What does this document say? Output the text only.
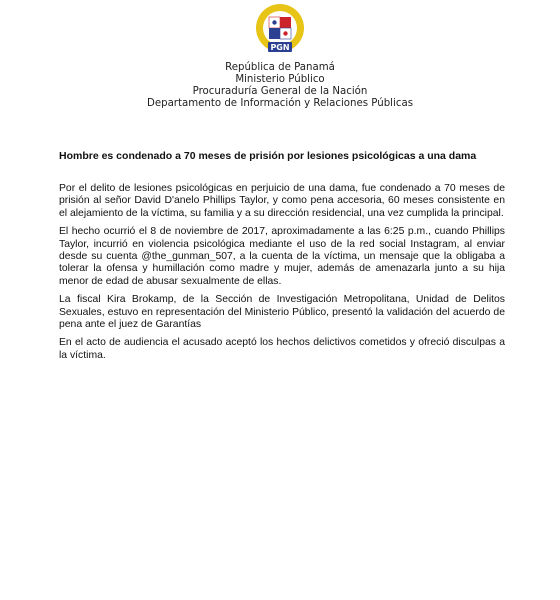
PGN
República de Panamá
Ministerio Público
Procuraduría General de la Nación
Departamento de Información y Relaciones Públicas
Hombre es condenado a 70 meses de prisión por lesiones psicológicas a una dama

Por el delito de lesiones psicológicas en perjuicio de una dama, fue condenado a 70 meses de prisión al señor David D'anelo Phillips Taylor, y como pena accesoria, 60 meses consistente en el alejamiento de la víctima, su familia y a su dirección residencial, una vez cumplida la principal.

El hecho ocurrió el 8 de noviembre de 2017, aproximadamente a las 6:25 p.m., cuando Phillips Taylor, incurrió en violencia psicológica mediante el uso de la red social Instagram, al enviar desde su cuenta @the_gunman_507, a la cuenta de la víctima, un mensaje que la obligaba a tolerar la ofensa y humillación como madre y mujer, además de amenazarla junto a su hija menor de edad de abusar sexualmente de ellas.

La fiscal Kira Brokamp, de la Sección de Investigación Metropolitana, Unidad de Delitos Sexuales, estuvo en representación del Ministerio Público, presentó la validación del acuerdo de pena ante el juez de Garantías

En el acto de audiencia el acusado aceptó los hechos delictivos cometidos y ofreció disculpas a la víctima.
